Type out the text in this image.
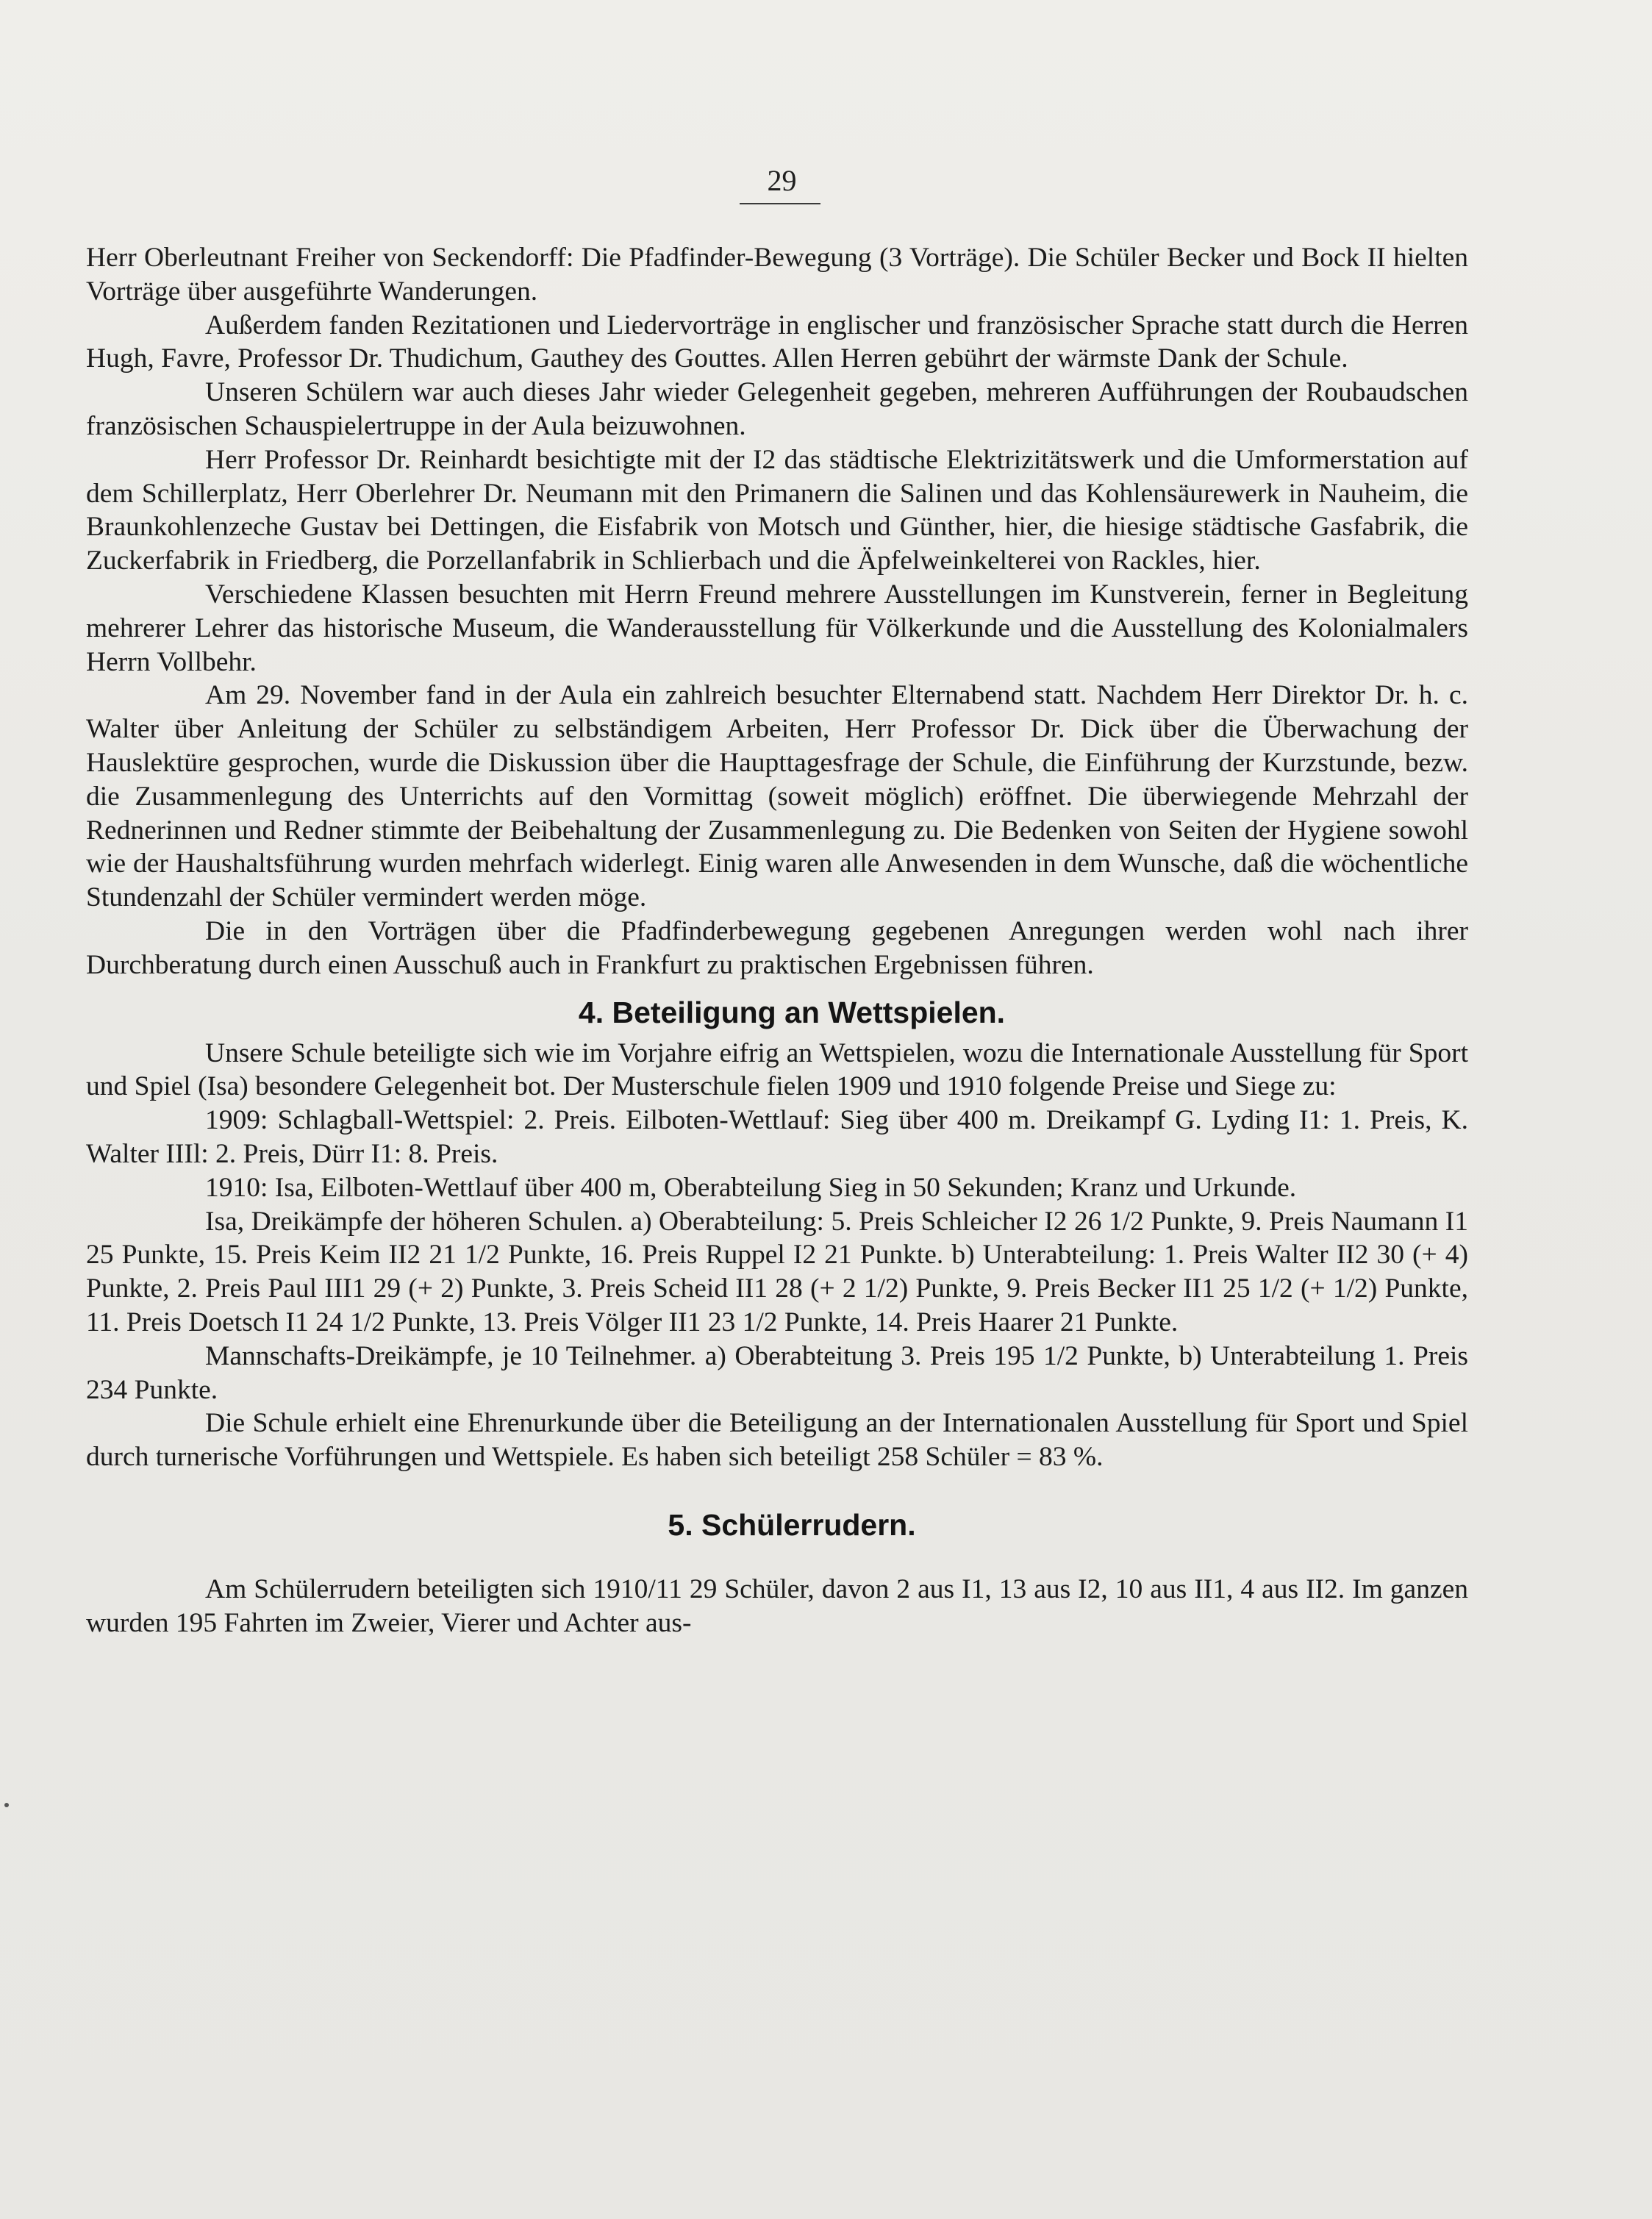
29

Herr Oberleutnant Freiher von Seckendorff: Die Pfadfinder-Bewegung (3 Vorträge). Die Schüler Becker und Bock II hielten Vorträge über ausgeführte Wanderungen.

Außerdem fanden Rezitationen und Liedervorträge in englischer und französischer Sprache statt durch die Herren Hugh, Favre, Professor Dr. Thudichum, Gauthey des Gouttes. Allen Herren gebührt der wärmste Dank der Schule.

Unseren Schülern war auch dieses Jahr wieder Gelegenheit gegeben, mehreren Aufführungen der Roubaudschen französischen Schauspielertruppe in der Aula beizuwohnen.

Herr Professor Dr. Reinhardt besichtigte mit der I2 das städtische Elektrizitätswerk und die Umformerstation auf dem Schillerplatz, Herr Oberlehrer Dr. Neumann mit den Primanern die Salinen und das Kohlensäurewerk in Nauheim, die Braunkohlenzeche Gustav bei Dettingen, die Eisfabrik von Motsch und Günther, hier, die hiesige städtische Gasfabrik, die Zuckerfabrik in Friedberg, die Porzellanfabrik in Schlierbach und die Äpfelweinkelterei von Rackles, hier.

Verschiedene Klassen besuchten mit Herrn Freund mehrere Ausstellungen im Kunstverein, ferner in Begleitung mehrerer Lehrer das historische Museum, die Wanderausstellung für Völkerkunde und die Ausstellung des Kolonialmalers Herrn Vollbehr.

Am 29. November fand in der Aula ein zahlreich besuchter Elternabend statt. Nachdem Herr Direktor Dr. h. c. Walter über Anleitung der Schüler zu selbständigem Arbeiten, Herr Professor Dr. Dick über die Überwachung der Hauslektüre gesprochen, wurde die Diskussion über die Haupttagesfrage der Schule, die Einführung der Kurzstunde, bezw. die Zusammenlegung des Unterrichts auf den Vormittag (soweit möglich) eröffnet. Die überwiegende Mehrzahl der Rednerinnen und Redner stimmte der Beibehaltung der Zusammenlegung zu. Die Bedenken von Seiten der Hygiene sowohl wie der Haushaltsführung wurden mehrfach widerlegt. Einig waren alle Anwesenden in dem Wunsche, daß die wöchentliche Stundenzahl der Schüler vermindert werden möge.

Die in den Vorträgen über die Pfadfinderbewegung gegebenen Anregungen werden wohl nach ihrer Durchberatung durch einen Ausschuß auch in Frankfurt zu praktischen Ergebnissen führen.

4. Beteiligung an Wettspielen.

Unsere Schule beteiligte sich wie im Vorjahre eifrig an Wettspielen, wozu die Internationale Ausstellung für Sport und Spiel (Isa) besondere Gelegenheit bot. Der Musterschule fielen 1909 und 1910 folgende Preise und Siege zu:

1909: Schlagball-Wettspiel: 2. Preis. Eilboten-Wettlauf: Sieg über 400 m. Dreikampf G. Lyding I1: 1. Preis, K. Walter IIIl: 2. Preis, Dürr I1: 8. Preis.

1910: Isa, Eilboten-Wettlauf über 400 m, Oberabteilung Sieg in 50 Sekunden; Kranz und Urkunde.

Isa, Dreikämpfe der höheren Schulen. a) Oberabteilung: 5. Preis Schleicher I2 26 1/2 Punkte, 9. Preis Naumann I1 25 Punkte, 15. Preis Keim II2 21 1/2 Punkte, 16. Preis Ruppel I2 21 Punkte. b) Unterabteilung: 1. Preis Walter II2 30 (+ 4) Punkte, 2. Preis Paul III1 29 (+ 2) Punkte, 3. Preis Scheid II1 28 (+ 2 1/2) Punkte, 9. Preis Becker II1 25 1/2 (+ 1/2) Punkte, 11. Preis Doetsch I1 24 1/2 Punkte, 13. Preis Völger II1 23 1/2 Punkte, 14. Preis Haarer 21 Punkte.

Mannschafts-Dreikämpfe, je 10 Teilnehmer. a) Oberabteitung 3. Preis 195 1/2 Punkte, b) Unterabteilung 1. Preis 234 Punkte.

Die Schule erhielt eine Ehrenurkunde über die Beteiligung an der Internationalen Ausstellung für Sport und Spiel durch turnerische Vorführungen und Wettspiele. Es haben sich beteiligt 258 Schüler = 83 %.

5. Schülerrudern.

Am Schülerrudern beteiligten sich 1910/11 29 Schüler, davon 2 aus I1, 13 aus I2, 10 aus II1, 4 aus II2. Im ganzen wurden 195 Fahrten im Zweier, Vierer und Achter aus-
